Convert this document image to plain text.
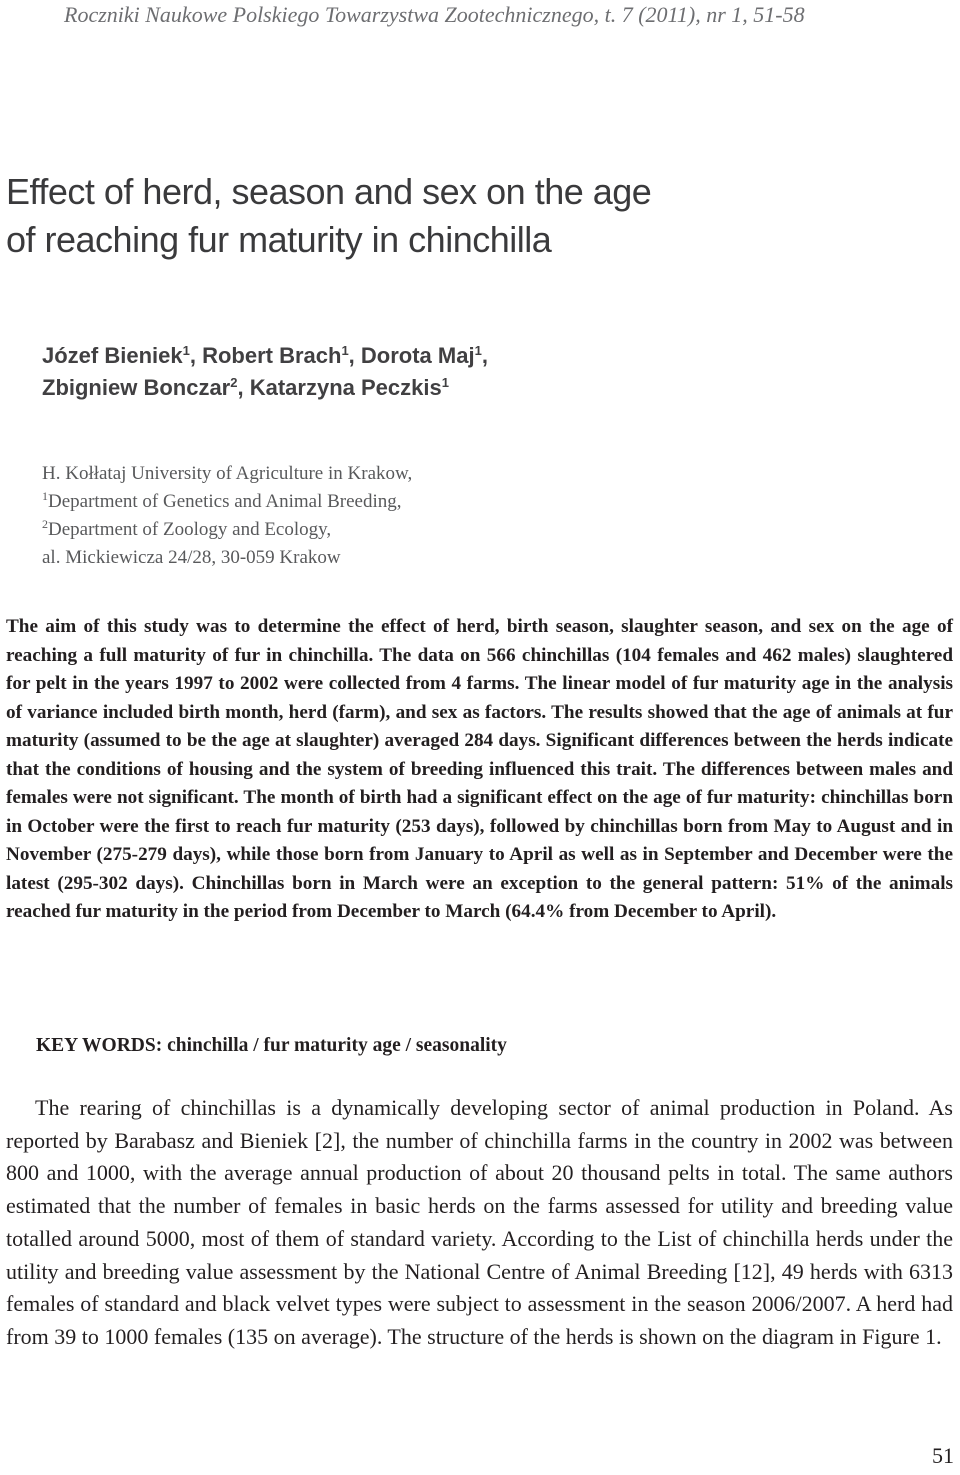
Roczniki Naukowe Polskiego Towarzystwa Zootechnicznego, t. 7 (2011), nr 1, 51-58
Effect of herd, season and sex on the age
of reaching fur maturity in chinchilla
Józef Bieniek$^1$, Robert Brach$^1$, Dorota Maj$^1$,
Zbigniew Bonczar$^2$, Katarzyna Peczkis$^1$
H. Kołłataj University of Agriculture in Krakow,
$^1$Department of Genetics and Animal Breeding,
$^2$Department of Zoology and Ecology,
al. Mickiewicza 24/28, 30-059 Krakow

The aim of this study was to determine the effect of herd, birth season, slaughter season, and sex on the age of reaching a full maturity of fur in chinchilla. The data on 566 chinchillas (104 females and 462 males) slaughtered for pelt in the years 1997 to 2002 were collected from 4 farms. The linear model of fur maturity age in the analysis of variance included birth month, herd (farm), and sex as factors. The results showed that the age of animals at fur maturity (assumed to be the age at slaughter) averaged 284 days. Significant differences between the herds indicate that the conditions of housing and the system of breeding influenced this trait. The differences between males and females were not significant. The month of birth had a significant effect on the age of fur maturity: chinchillas born in October were the first to reach fur maturity (253 days), followed by chinchillas born from May to August and in November (275-279 days), while those born from January to April as well as in September and December were the latest (295-302 days). Chinchillas born in March were an exception to the general pattern: 51% of the animals reached fur maturity in the period from December to March (64.4% from December to April).

KEY WORDS: chinchilla / fur maturity age / seasonality

The rearing of chinchillas is a dynamically developing sector of animal production in Poland. As reported by Barabasz and Bieniek [2], the number of chinchilla farms in the country in 2002 was between 800 and 1000, with the average annual production of about 20 thousand pelts in total. The same authors estimated that the number of females in basic herds on the farms assessed for utility and breeding value totalled around 5000, most of them of standard variety. According to the List of chinchilla herds under the utility and breeding value assessment by the National Centre of Animal Breeding [12], 49 herds with 6313 females of standard and black velvet types were subject to assessment in the season 2006/2007. A herd had from 39 to 1000 females (135 on average). The structure of the herds is shown on the diagram in Figure 1.

51
